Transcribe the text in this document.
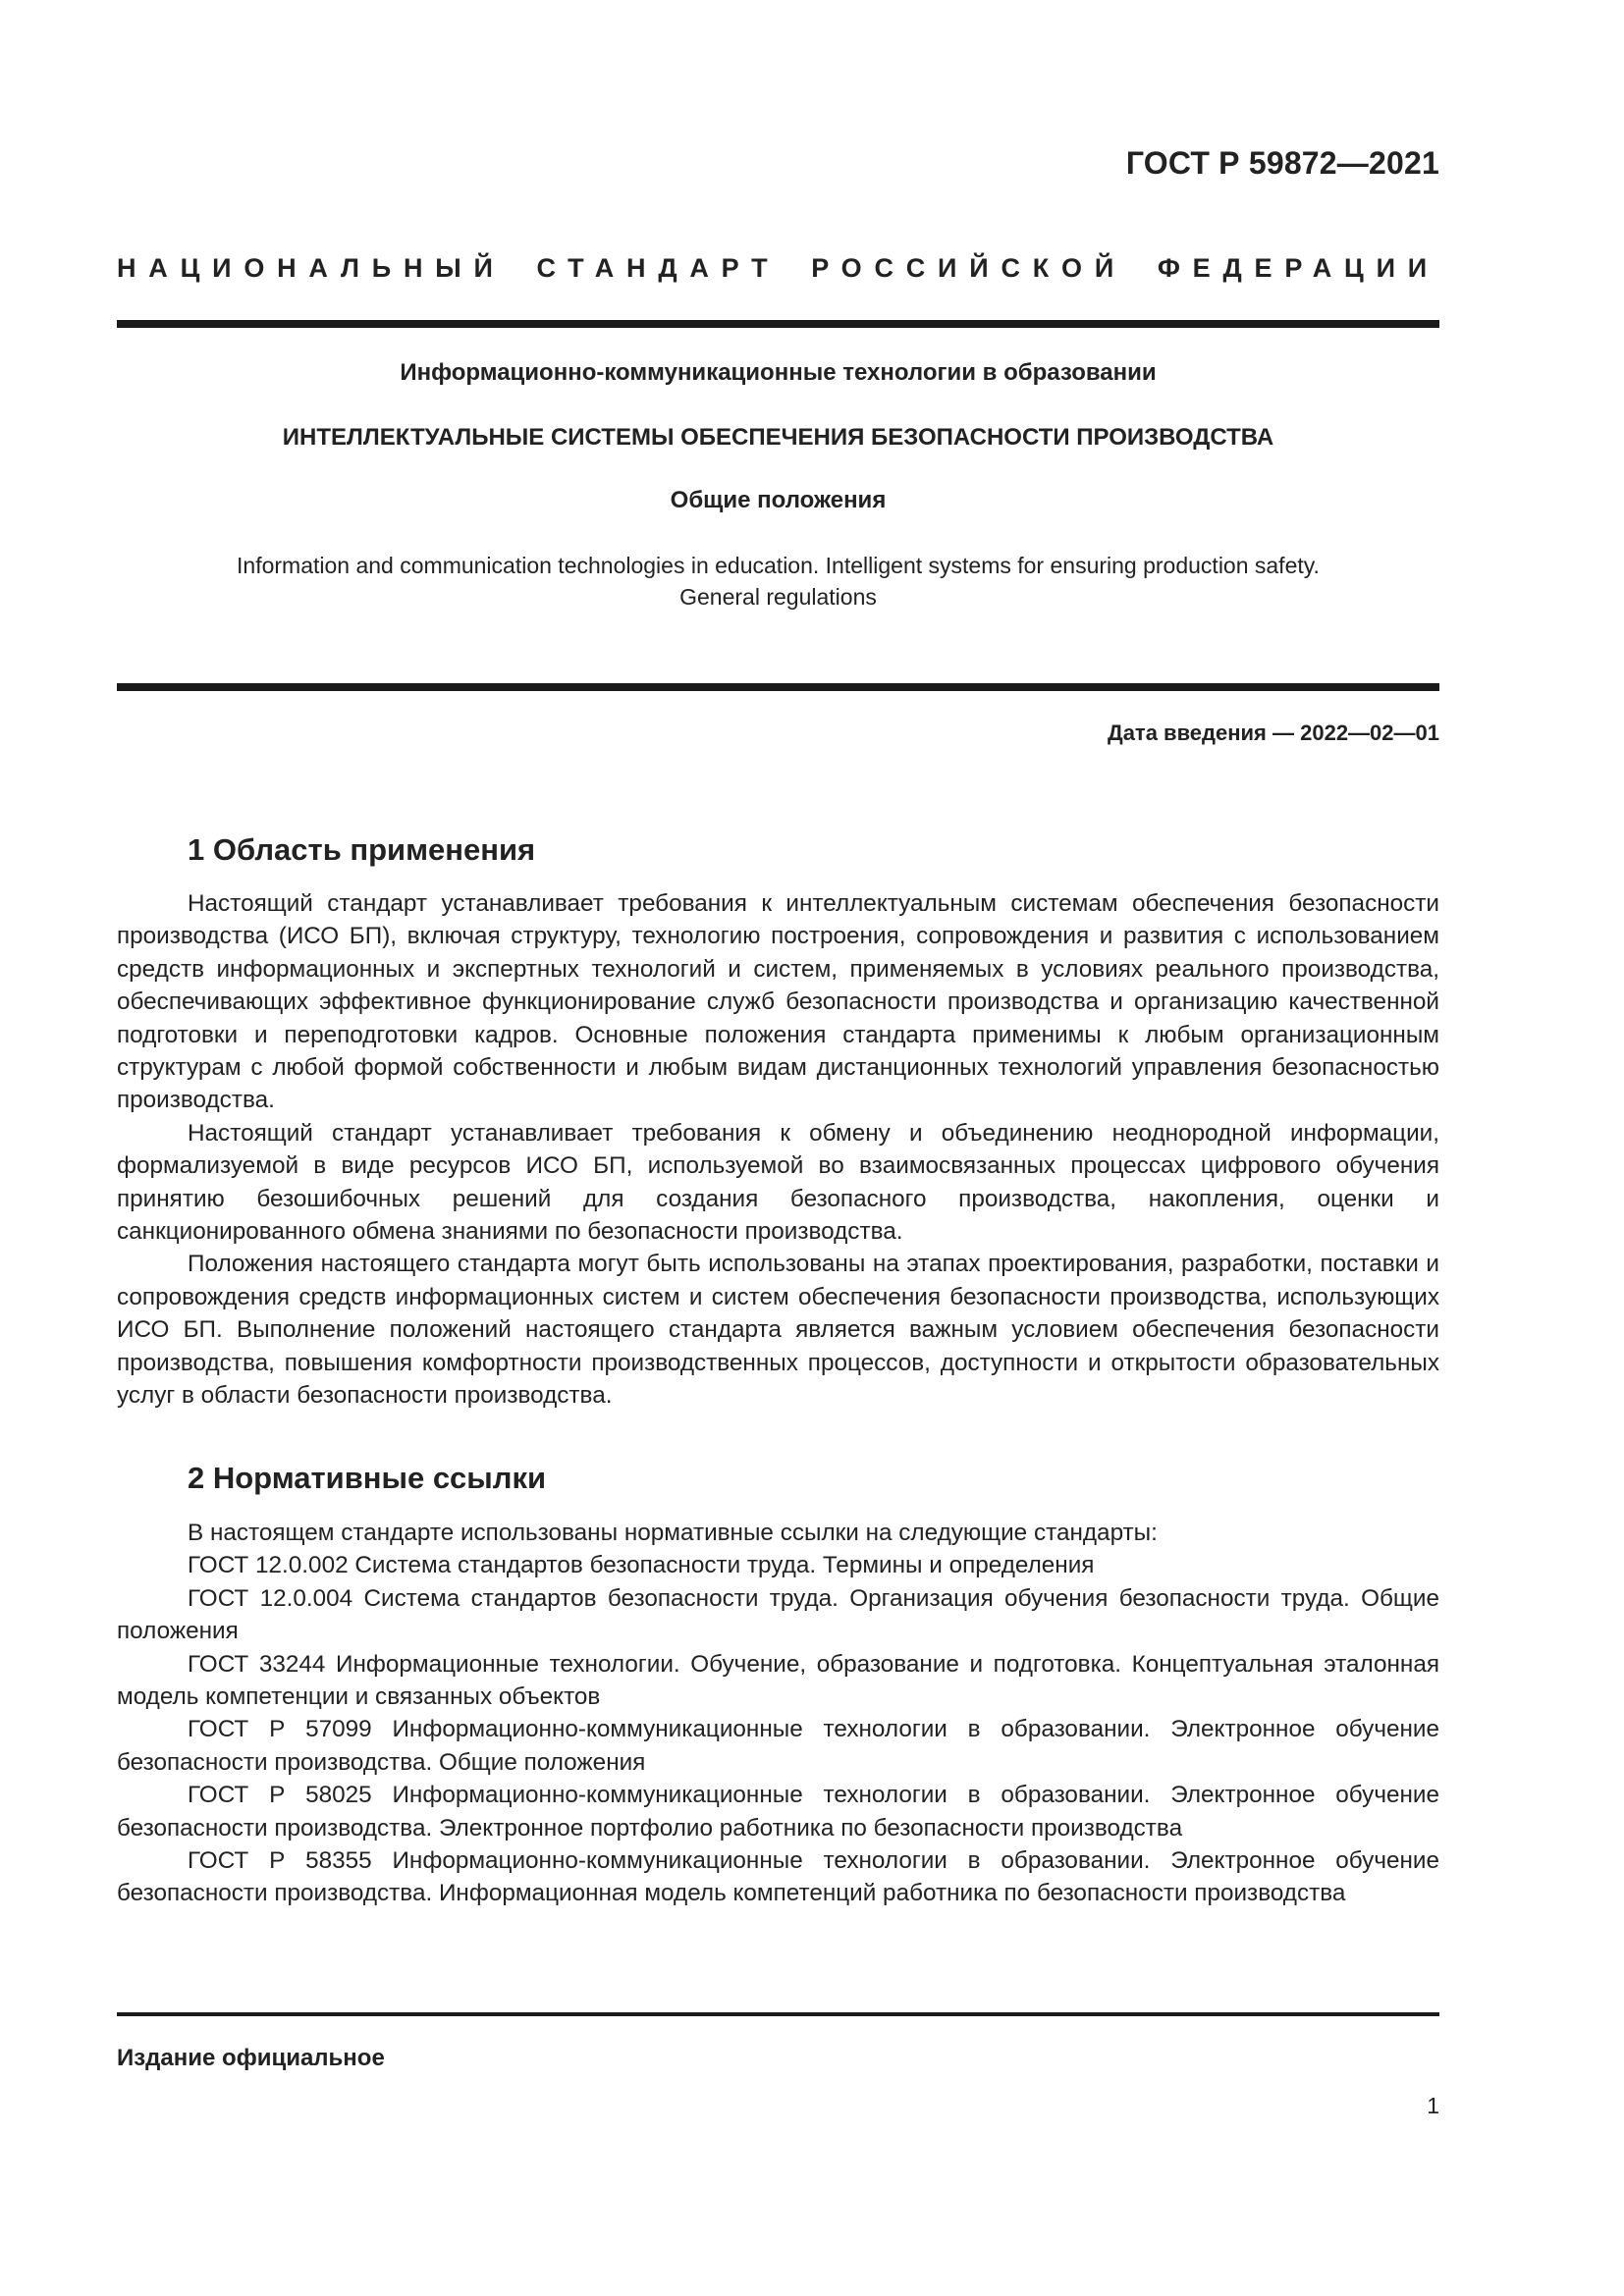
ГОСТ Р 59872—2021
НАЦИОНАЛЬНЫЙ СТАНДАРТ РОССИЙСКОЙ ФЕДЕРАЦИИ
Информационно-коммуникационные технологии в образовании
ИНТЕЛЛЕКТУАЛЬНЫЕ СИСТЕМЫ ОБЕСПЕЧЕНИЯ БЕЗОПАСНОСТИ ПРОИЗВОДСТВА
Общие положения
Information and communication technologies in education. Intelligent systems for ensuring production safety.
General regulations
Дата введения — 2022—02—01
1 Область применения

Настоящий стандарт устанавливает требования к интеллектуальным системам обеспечения безопасности производства (ИСО БП), включая структуру, технологию построения, сопровождения и развития с использованием средств информационных и экспертных технологий и систем, применяемых в условиях реального производства, обеспечивающих эффективное функционирование служб безопасности производства и организацию качественной подготовки и переподготовки кадров. Основные положения стандарта применимы к любым организационным структурам с любой формой собственности и любым видам дистанционных технологий управления безопасностью производства.

Настоящий стандарт устанавливает требования к обмену и объединению неоднородной информации, формализуемой в виде ресурсов ИСО БП, используемой во взаимосвязанных процессах цифрового обучения принятию безошибочных решений для создания безопасного производства, накопления, оценки и санкционированного обмена знаниями по безопасности производства.

Положения настоящего стандарта могут быть использованы на этапах проектирования, разработки, поставки и сопровождения средств информационных систем и систем обеспечения безопасности производства, использующих ИСО БП. Выполнение положений настоящего стандарта является важным условием обеспечения безопасности производства, повышения комфортности производственных процессов, доступности и открытости образовательных услуг в области безопасности производства.

2 Нормативные ссылки

В настоящем стандарте использованы нормативные ссылки на следующие стандарты:

ГОСТ 12.0.002 Система стандартов безопасности труда. Термины и определения

ГОСТ 12.0.004 Система стандартов безопасности труда. Организация обучения безопасности труда. Общие положения

ГОСТ 33244 Информационные технологии. Обучение, образование и подготовка. Концептуальная эталонная модель компетенции и связанных объектов

ГОСТ Р 57099 Информационно-коммуникационные технологии в образовании. Электронное обучение безопасности производства. Общие положения

ГОСТ Р 58025 Информационно-коммуникационные технологии в образовании. Электронное обучение безопасности производства. Электронное портфолио работника по безопасности производства

ГОСТ Р 58355 Информационно-коммуникационные технологии в образовании. Электронное обучение безопасности производства. Информационная модель компетенций работника по безопасности производства

Издание официальное
1
